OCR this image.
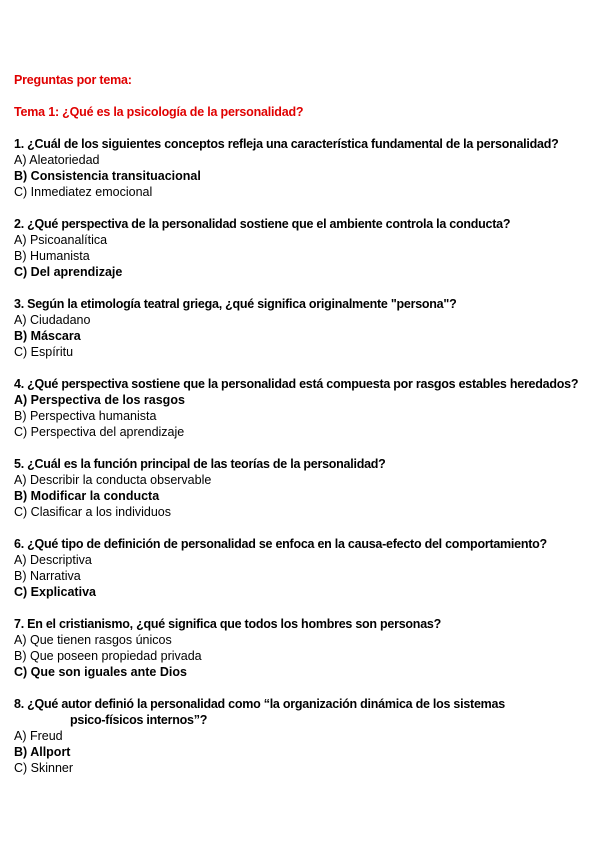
Preguntas por tema:

Tema 1: ¿Qué es la psicología de la personalidad?

1. ¿Cuál de los siguientes conceptos refleja una característica fundamental de la personalidad?

A) Aleatoriedad

B) Consistencia transituacional

C) Inmediatez emocional

2. ¿Qué perspectiva de la personalidad sostiene que el ambiente controla la conducta?

A) Psicoanalítica

B) Humanista

C) Del aprendizaje

3. Según la etimología teatral griega, ¿qué significa originalmente "persona"?

A) Ciudadano

B) Máscara

C) Espíritu

4. ¿Qué perspectiva sostiene que la personalidad está compuesta por rasgos estables heredados?

A) Perspectiva de los rasgos

B) Perspectiva humanista

C) Perspectiva del aprendizaje

5. ¿Cuál es la función principal de las teorías de la personalidad?

A) Describir la conducta observable

B) Modificar la conducta

C) Clasificar a los individuos

6. ¿Qué tipo de definición de personalidad se enfoca en la causa-efecto del comportamiento?

A) Descriptiva

B) Narrativa

C) Explicativa

7. En el cristianismo, ¿qué significa que todos los hombres son personas?

A) Que tienen rasgos únicos

B) Que poseen propiedad privada

C) Que son iguales ante Dios

8. ¿Qué autor definió la personalidad como “la organización dinámica de los sistemas
psico-físicos internos”?

A) Freud

B) Allport

C) Skinner
